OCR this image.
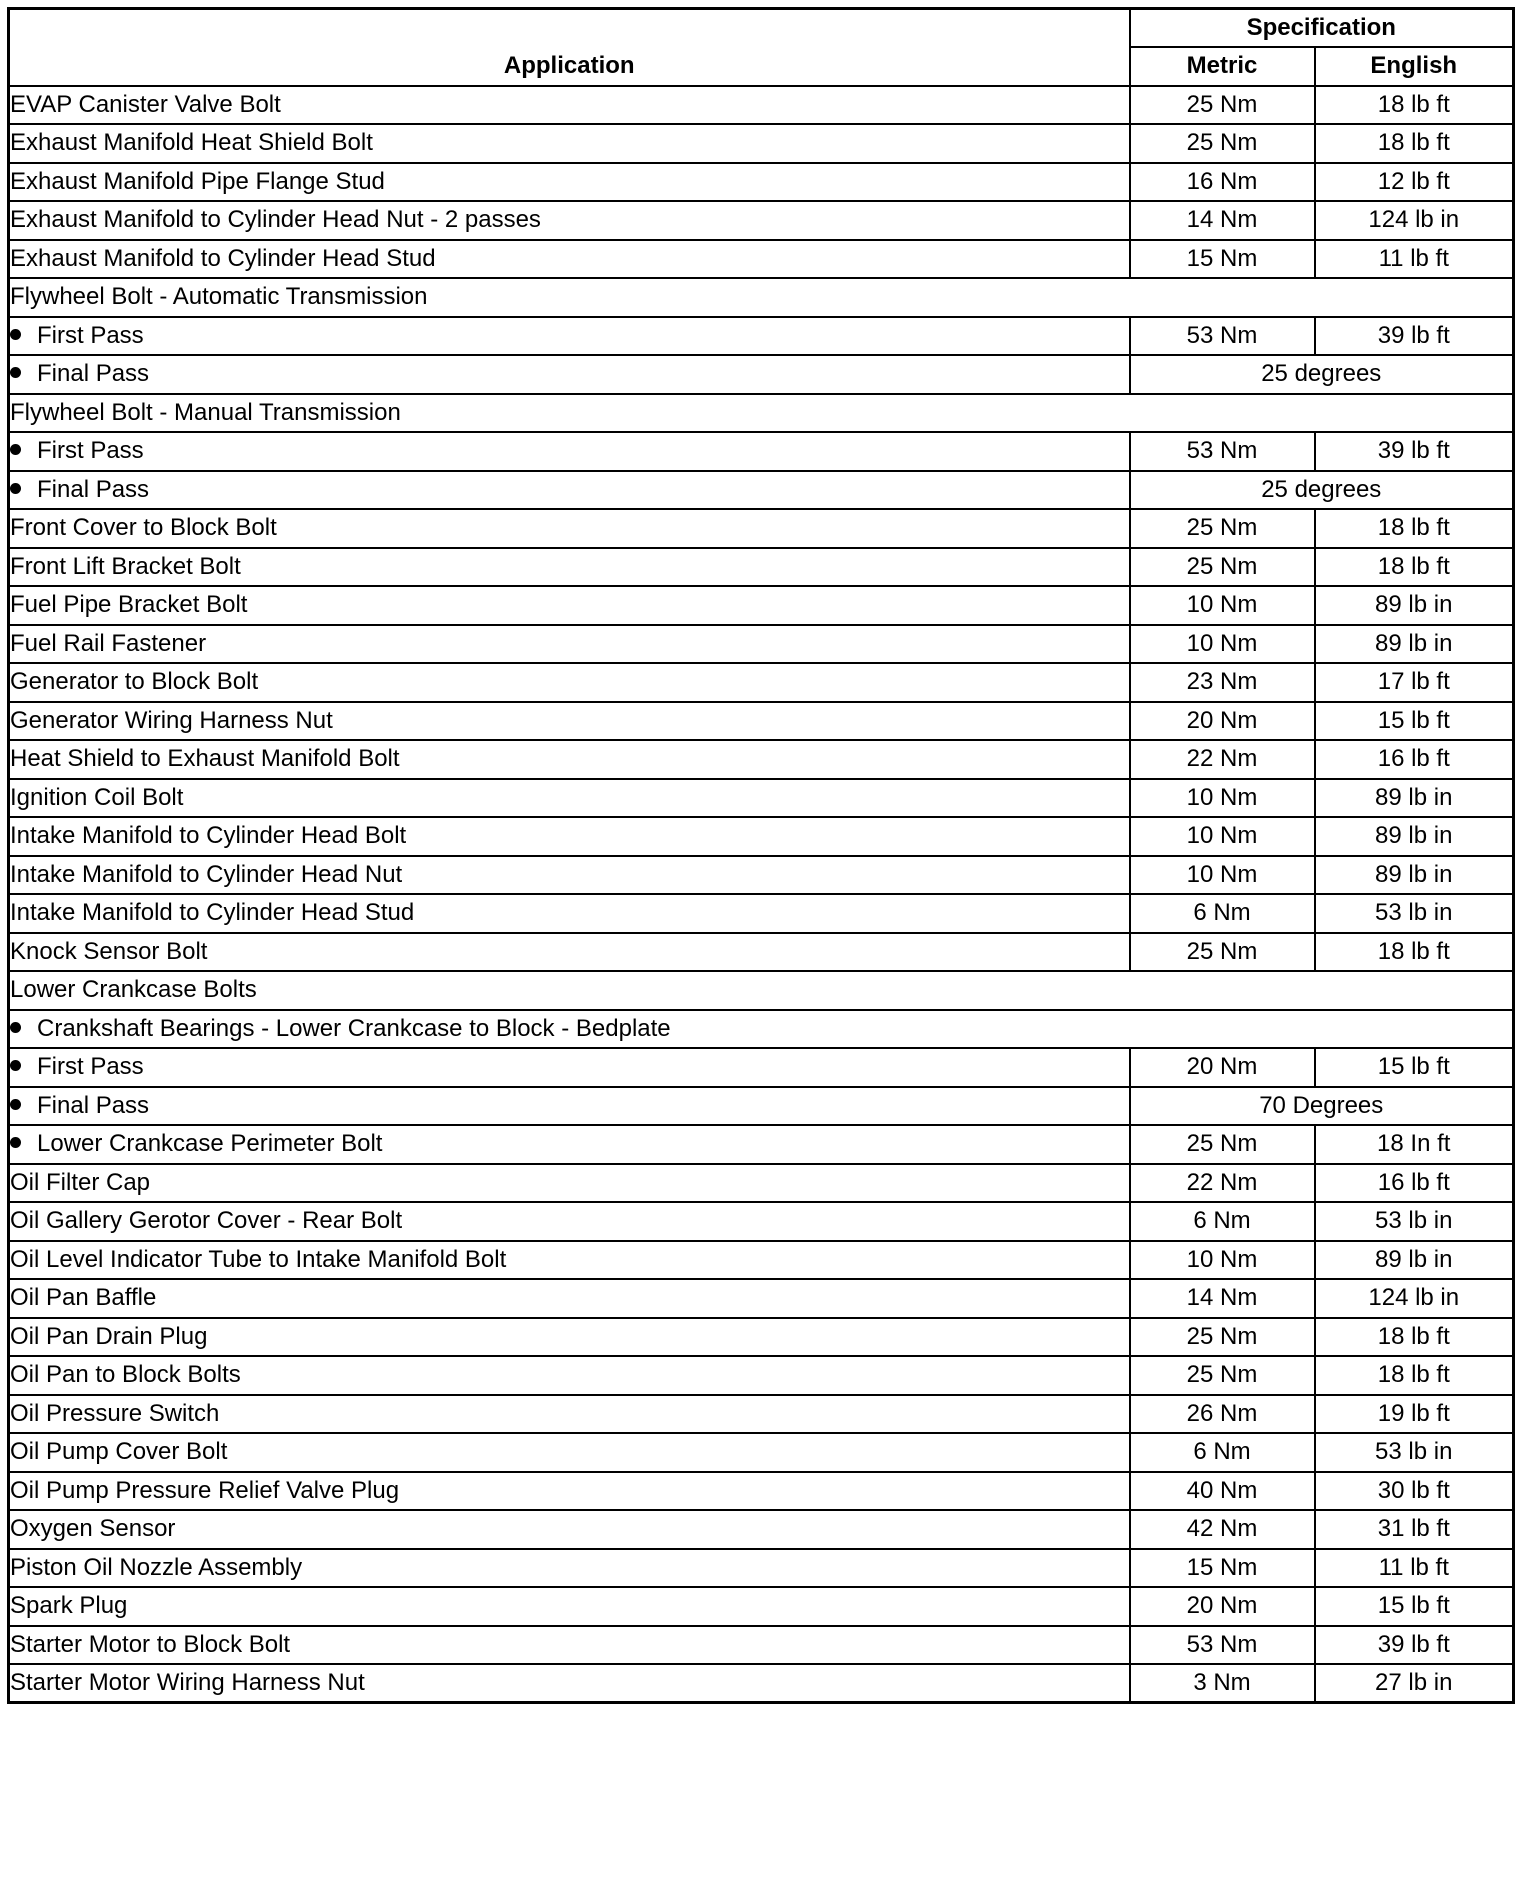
Application	Specification	
	Metric	English
EVAP Canister Valve Bolt	25 Nm	18 lb ft
Exhaust Manifold Heat Shield Bolt	25 Nm	18 lb ft
Exhaust Manifold Pipe Flange Stud	16 Nm	12 lb ft
Exhaust Manifold to Cylinder Head Nut - 2 passes	14 Nm	124 lb in
Exhaust Manifold to Cylinder Head Stud	15 Nm	11 lb ft
Flywheel Bolt - Automatic Transmission		
First Pass	53 Nm	39 lb ft
Final Pass	25 degrees	
Flywheel Bolt - Manual Transmission		
First Pass	53 Nm	39 lb ft
Final Pass	25 degrees	
Front Cover to Block Bolt	25 Nm	18 lb ft
Front Lift Bracket Bolt	25 Nm	18 lb ft
Fuel Pipe Bracket Bolt	10 Nm	89 lb in
Fuel Rail Fastener	10 Nm	89 lb in
Generator to Block Bolt	23 Nm	17 lb ft
Generator Wiring Harness Nut	20 Nm	15 lb ft
Heat Shield to Exhaust Manifold Bolt	22 Nm	16 lb ft
Ignition Coil Bolt	10 Nm	89 lb in
Intake Manifold to Cylinder Head Bolt	10 Nm	89 lb in
Intake Manifold to Cylinder Head Nut	10 Nm	89 lb in
Intake Manifold to Cylinder Head Stud	6 Nm	53 lb in
Knock Sensor Bolt	25 Nm	18 lb ft
Lower Crankcase Bolts		
Crankshaft Bearings - Lower Crankcase to Block - Bedplate		
First Pass	20 Nm	15 lb ft
Final Pass	70 Degrees	
Lower Crankcase Perimeter Bolt	25 Nm	18 In ft
Oil Filter Cap	22 Nm	16 lb ft
Oil Gallery Gerotor Cover - Rear Bolt	6 Nm	53 lb in
Oil Level Indicator Tube to Intake Manifold Bolt	10 Nm	89 lb in
Oil Pan Baffle	14 Nm	124 lb in
Oil Pan Drain Plug	25 Nm	18 lb ft
Oil Pan to Block Bolts	25 Nm	18 lb ft
Oil Pressure Switch	26 Nm	19 lb ft
Oil Pump Cover Bolt	6 Nm	53 lb in
Oil Pump Pressure Relief Valve Plug	40 Nm	30 lb ft
Oxygen Sensor	42 Nm	31 lb ft
Piston Oil Nozzle Assembly	15 Nm	11 lb ft
Spark Plug	20 Nm	15 lb ft
Starter Motor to Block Bolt	53 Nm	39 lb ft
Starter Motor Wiring Harness Nut	3 Nm	27 lb in
